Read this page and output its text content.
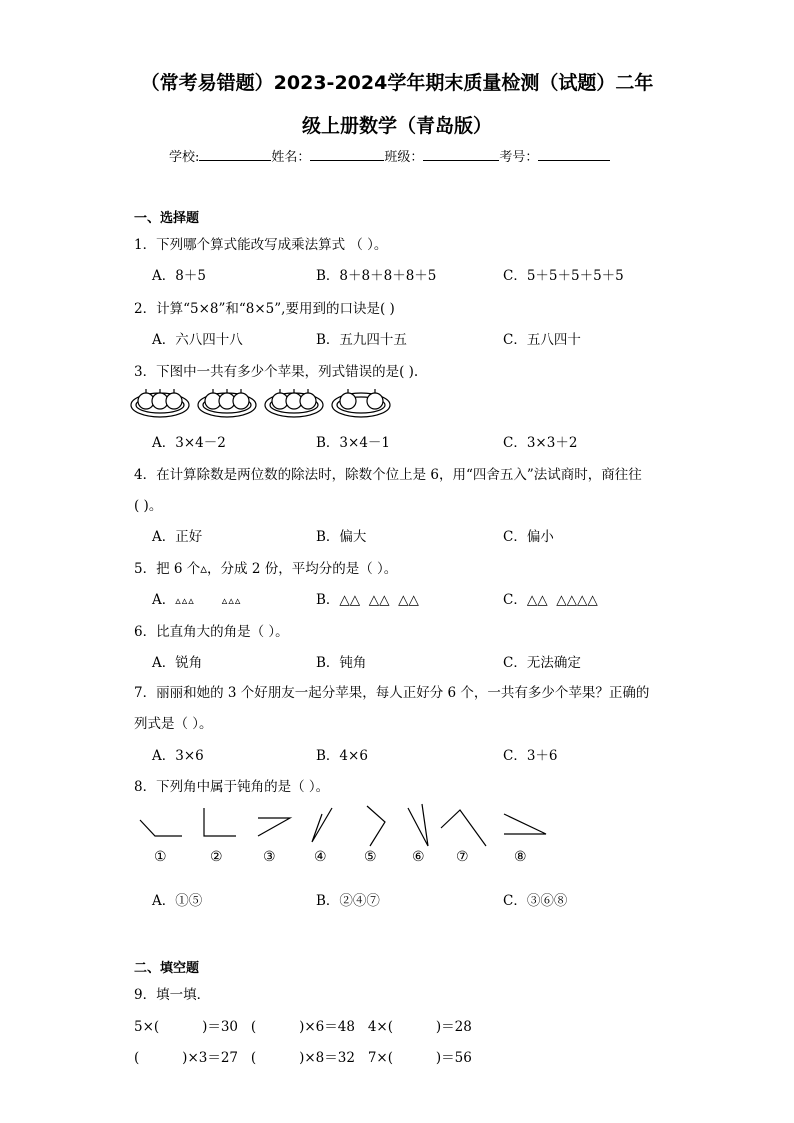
（常考易错题）2023-2024学年期末质量检测（试题）二年
级上册数学（青岛版）
学校:	姓名：	班级：	考号：
一、选择题
1．下列哪个算式能改写成乘法算式 （ ）。
A．8＋5	B．8＋8＋8＋8＋5	C．5＋5＋5＋5＋5
2．计算“5×8”和“8×5”,要用到的口诀是( )
A．六八四十八	B．五九四十五	C．五八四十
3．下图中一共有多少个苹果，列式错误的是( ).
A．3×4－2	B．3×4－1	C．3×3＋2
4．在计算除数是两位数的除法时，除数个位上是 6，用“四舍五入”法试商时，商往往
( )。
A．正好	B．偏大	C．偏小
5．把 6 个▵，分成 2 份，平均分的是（ ）。
A．▵▵▵      ▵▵▵	B．△△  △△  △△	C．△△  △△△△
6．比直角大的角是（ ）。
A．锐角	B．钝角	C．无法确定
7．丽丽和她的 3 个好朋友一起分苹果，每人正好分 6 个，一共有多少个苹果？正确的
列式是（ ）。
A．3×6	B．4×6	C．3＋6
8．下列角中属于钝角的是（ ）。
①	②	③	④	⑤	⑥ ⑦	⑧
A．①⑤	B．②④⑦	C．③⑥⑧
二、填空题
9．填一填．
5×(          )＝30 (          )×6＝48 4×(          )＝28
(          )×3＝27 (          )×8＝32 7×(          )＝56
